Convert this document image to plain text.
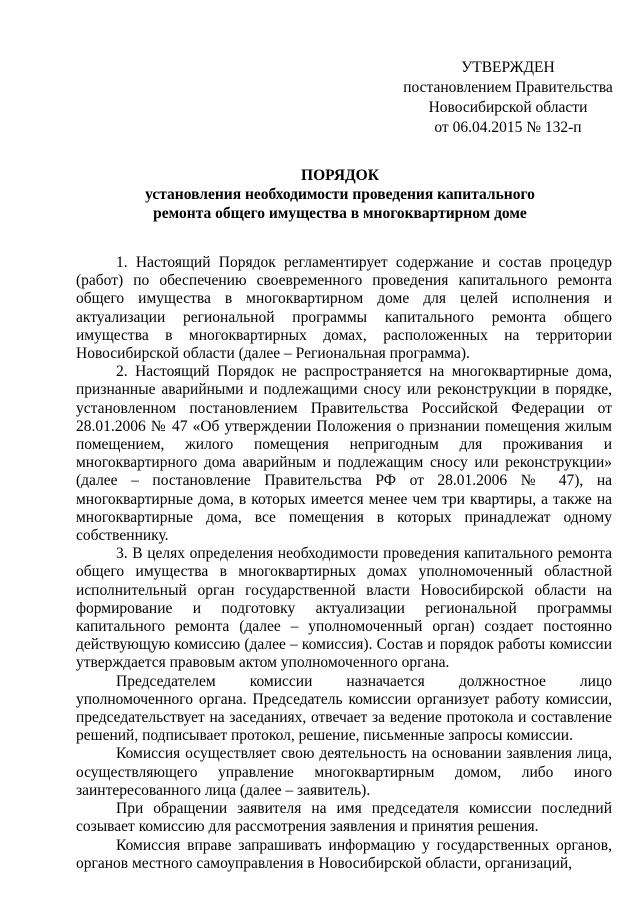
УТВЕРЖДЕН
постановлением Правительства
Новосибирской области
от 06.04.2015 № 132-п
ПОРЯДОК
установления необходимости проведения капитального
ремонта общего имущества в многоквартирном доме

1. Настоящий Порядок регламентирует содержание и состав процедур (работ) по обеспечению своевременного проведения капитального ремонта общего имущества в многоквартирном доме для целей исполнения и актуализации региональной программы капитального ремонта общего имущества в многоквартирных домах, расположенных на территории Новосибирской области (далее – Региональная программа).

2. Настоящий Порядок не распространяется на многоквартирные дома, признанные аварийными и подлежащими сносу или реконструкции в порядке, установленном постановлением Правительства Российской Федерации от 28.01.2006 № 47 «Об утверждении Положения о признании помещения жилым помещением, жилого помещения непригодным для проживания и многоквартирного дома аварийным и подлежащим сносу или реконструкции» (далее – постановление Правительства РФ от 28.01.2006 № 47), на многоквартирные дома, в которых имеется менее чем три квартиры, а также на многоквартирные дома, все помещения в которых принадлежат одному собственнику.

3. В целях определения необходимости проведения капитального ремонта общего имущества в многоквартирных домах уполномоченный областной исполнительный орган государственной власти Новосибирской области на формирование и подготовку актуализации региональной программы капитального ремонта (далее – уполномоченный орган) создает постоянно действующую комиссию (далее – комиссия). Состав и порядок работы комиссии утверждается правовым актом уполномоченного органа.

Председателем комиссии назначается должностное лицо уполномоченного органа. Председатель комиссии организует работу комиссии, председательствует на заседаниях, отвечает за ведение протокола и составление решений, подписывает протокол, решение, письменные запросы комиссии.

Комиссия осуществляет свою деятельность на основании заявления лица, осуществляющего управление многоквартирным домом, либо иного заинтересованного лица (далее – заявитель).

При обращении заявителя на имя председателя комиссии последний созывает комиссию для рассмотрения заявления и принятия решения.

Комиссия вправе запрашивать информацию у государственных органов, органов местного самоуправления в Новосибирской области, организаций,
